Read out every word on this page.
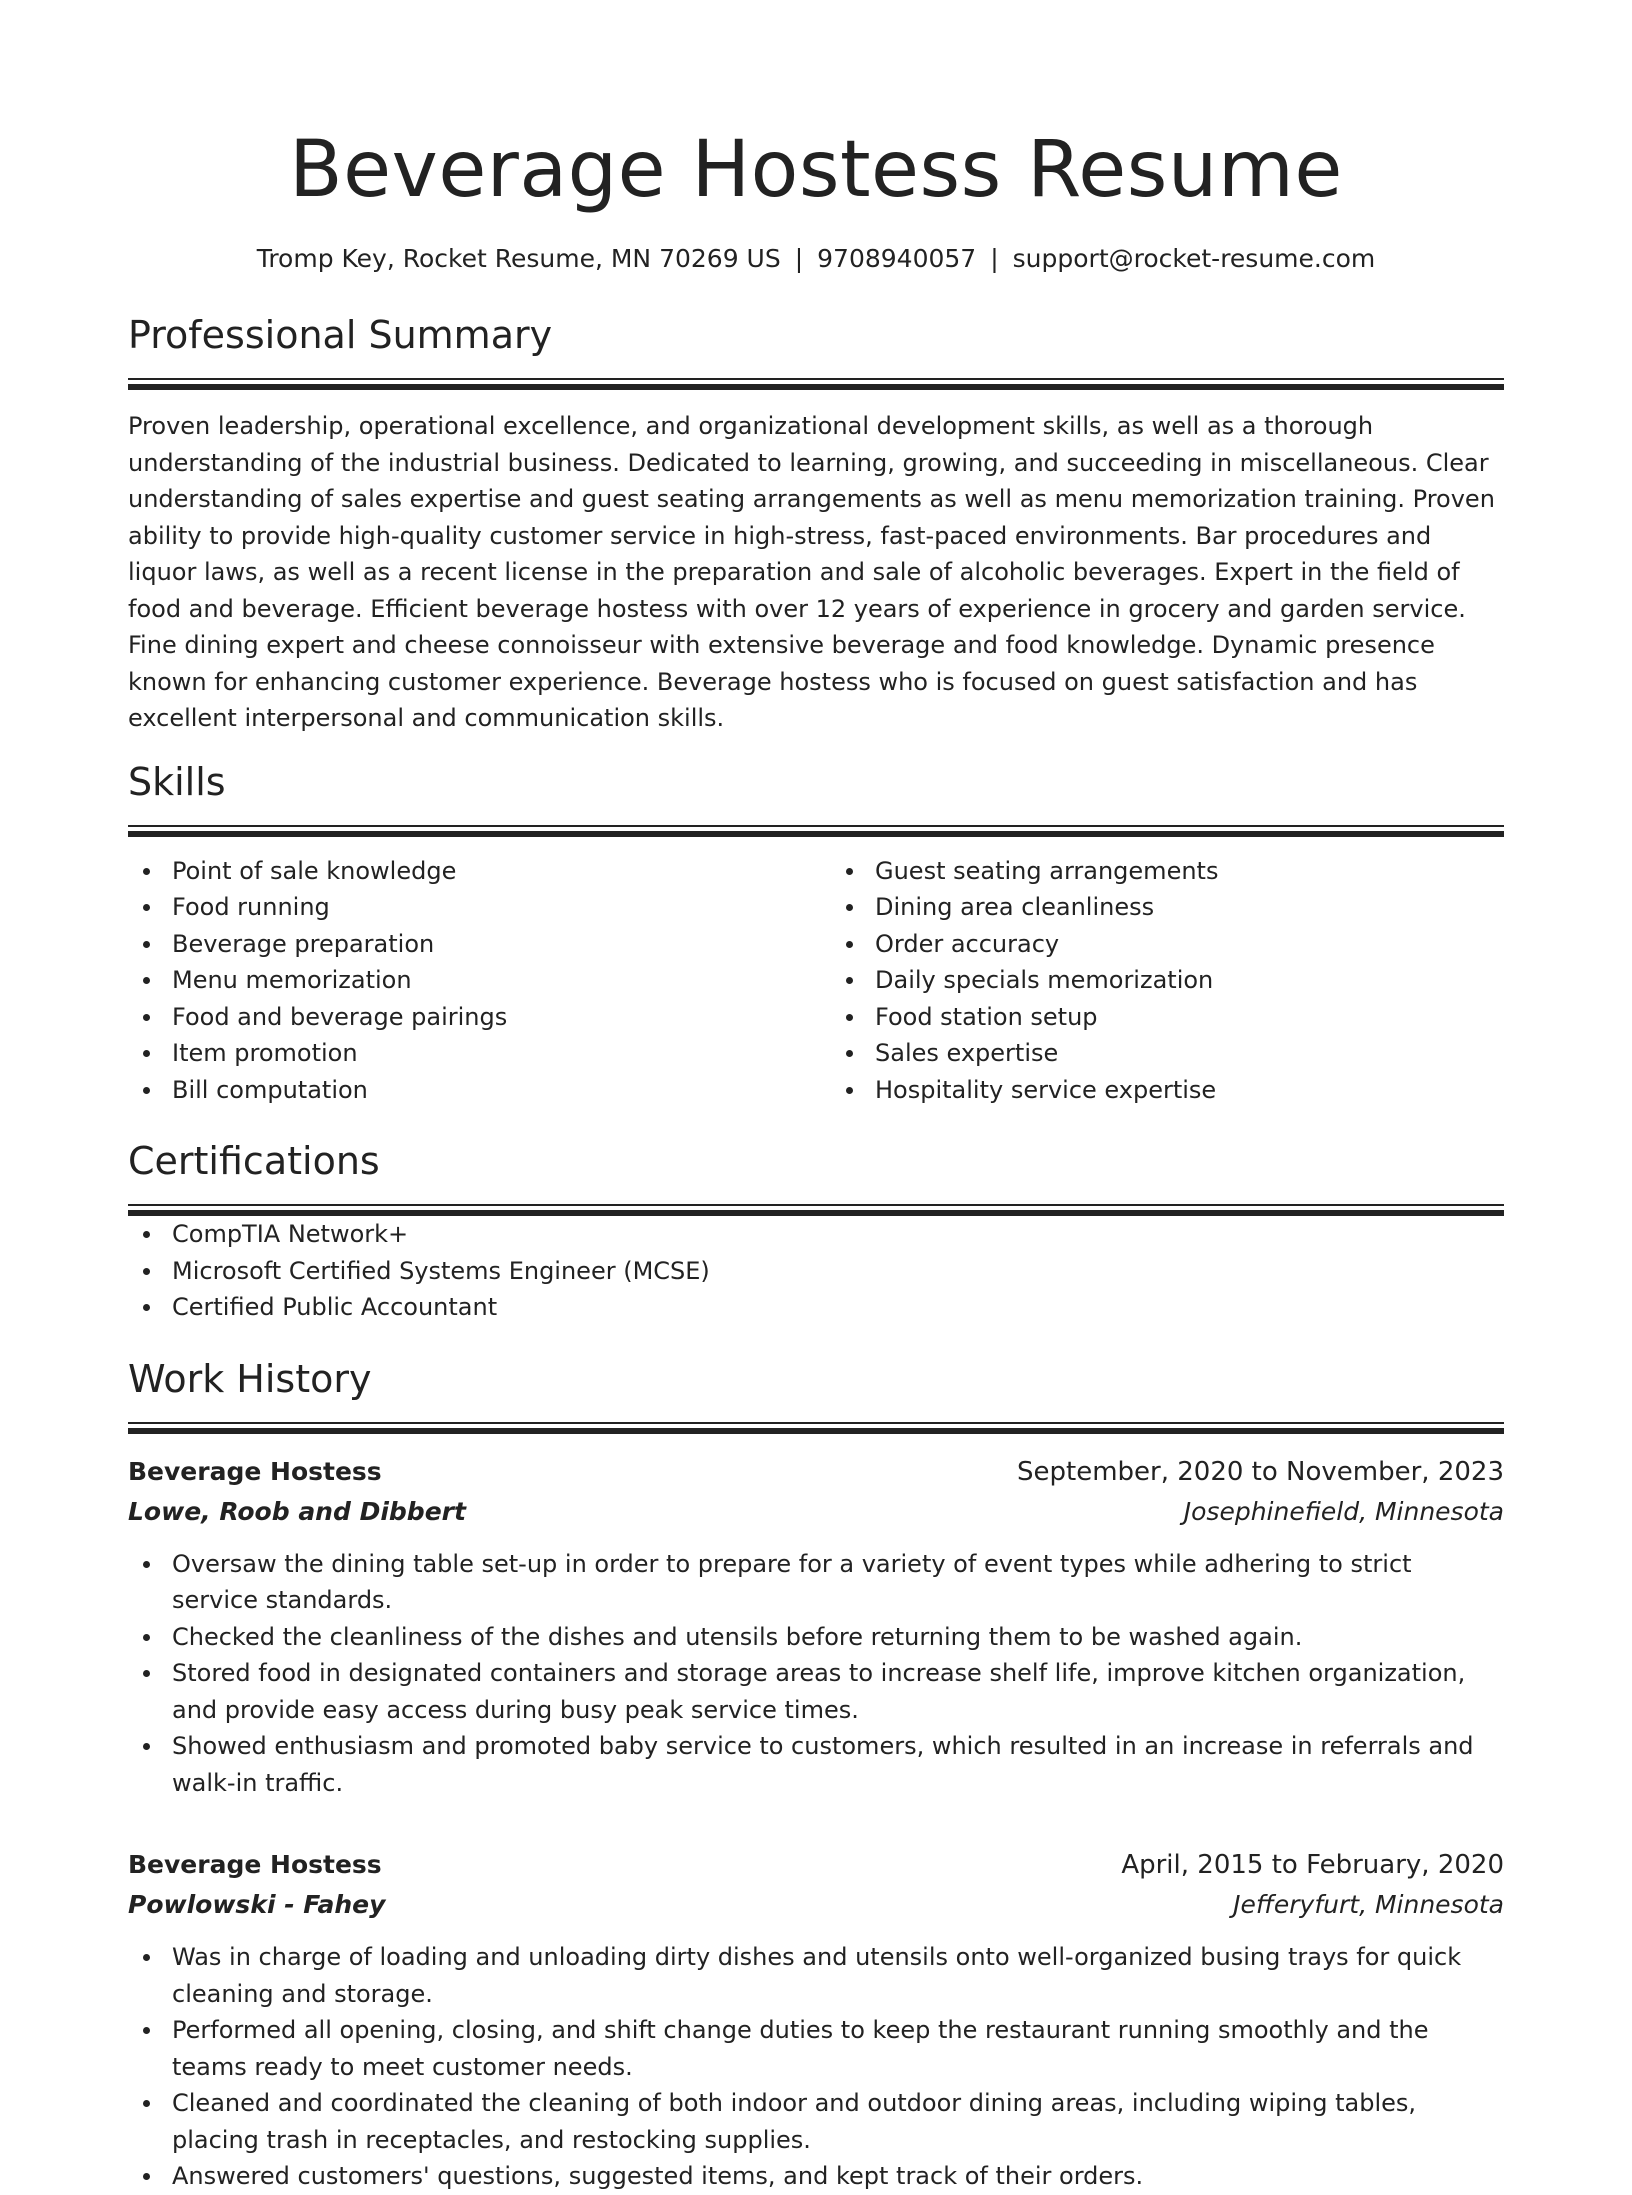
Beverage Hostess Resume
Tromp Key, Rocket Resume, MN 70269 US | 9708940057 | support@rocket-resume.com
Professional Summary

Proven leadership, operational excellence, and organizational development skills, as well as a thorough understanding of the industrial business. Dedicated to learning, growing, and succeeding in miscellaneous. Clear understanding of sales expertise and guest seating arrangements as well as menu memorization training. Proven ability to provide high-quality customer service in high-stress, fast-paced environments. Bar procedures and liquor laws, as well as a recent license in the preparation and sale of alcoholic beverages. Expert in the field of food and beverage. Efficient beverage hostess with over 12 years of experience in grocery and garden service. Fine dining expert and cheese connoisseur with extensive beverage and food knowledge. Dynamic presence known for enhancing customer experience. Beverage hostess who is focused on guest satisfaction and has excellent interpersonal and communication skills.

Skills
Point of sale knowledge
Food running
Beverage preparation
Menu memorization
Food and beverage pairings
Item promotion
Bill computation
Guest seating arrangements
Dining area cleanliness
Order accuracy
Daily specials memorization
Food station setup
Sales expertise
Hospitality service expertise
Certifications
CompTIA Network+
Microsoft Certified Systems Engineer (MCSE)
Certified Public Accountant
Work History
Beverage Hostess	September, 2020 to November, 2023
Lowe, Roob and Dibbert	Josephinefield, Minnesota
Oversaw the dining table set-up in order to prepare for a variety of event types while adhering to strict service standards.
Checked the cleanliness of the dishes and utensils before returning them to be washed again.
Stored food in designated containers and storage areas to increase shelf life, improve kitchen organization, and provide easy access during busy peak service times.
Showed enthusiasm and promoted baby service to customers, which resulted in an increase in referrals and walk-in traffic.
Beverage Hostess	April, 2015 to February, 2020
Powlowski - Fahey	Jefferyfurt, Minnesota
Was in charge of loading and unloading dirty dishes and utensils onto well-organized busing trays for quick cleaning and storage.
Performed all opening, closing, and shift change duties to keep the restaurant running smoothly and the teams ready to meet customer needs.
Cleaned and coordinated the cleaning of both indoor and outdoor dining areas, including wiping tables, placing trash in receptacles, and restocking supplies.
Answered customers' questions, suggested items, and kept track of their orders.
